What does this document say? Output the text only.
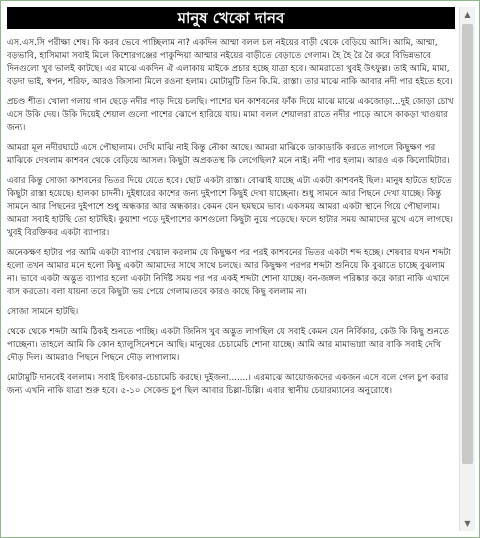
মানুষ খেকো দানব

এস.এস.সি পরীক্ষা শেষ। কি করব ভেবে পাচ্ছিলাম না? একদিন আম্মা বলল চল নইয়ের বাড়ী থেকে বেড়িয়ে আসি। আমি, আম্মা, বড়ভাবি, হাসিমামা সবাই মিলে কিশোরগঞ্জের পাকুন্দিয়া আম্মার নইয়ের বাড়ীতে বেড়াতে গেলাম। হৈ হৈ রৈ রৈ করে বিভিন্নভাবে দিনগুলো খুব ভালই কাটছে। এর মাঝে একদিন ঐ এলাকায় মাইকে প্রচার হচ্ছে যাত্রা হবে। আমরাতো খুবই উৎফুল্ল। তাই আমি, মামা, বড়দা ভাই, স্বপন, শরিফ, আরও জিসানা মিলে রওনা হলাম। মোটামুটি তিন কি.মি. রাস্তা। তার মাঝে নাকি আবার নদী পার হইতে হবে।

প্রচণ্ড শীত। খোলা গলায় গান ছেড়ে নদীর পাড় দিয়ে চলছি। পাশের ঘন কাশবনের ফাঁক দিয়ে মাঝে মাঝে একজোড়া...দুই জোড়া চোখ এসে উকি দেয়। উকি দিয়েই শেয়াল গুলো পাশের ঝোপে হারিয়ে যায়। মামা বলল শেয়ালরা রাতে নদীর পাড়ে আসে কাকড়া খাওয়ার জন্য।

আমরা মূল নদীরঘাটে এসে পৌছালাম। দেখি মাঝি নাই কিন্তু নৌকা আছে। আমরা মাঝিকে ডাকাডাকি করতে লাগলে কিছুক্ষণ পর মাঝিকে দেখলাম কাশবন থেকে বেড়িয়ে আসল। কিছুটা অপ্রকতস্থ কি লেগেছিল? মনে নাই। নদী পার হলাম। আরও এক কিলোমিটার।

এবার কিন্তু সোজা কাশবনের ভিতর দিয়ে যেতে হবে। ছোট একটা রাস্তা। বোঝাই যাচ্ছে এটা একটা কাশবনই ছিল। মানুষ হাটতে হাটতে কিছুটা রাস্তা হয়েছে। হালকা চাদনী। দুইধারের কাশের জন্য দুইপাশে কিছুই দেখা যাচ্ছেনা। শুধু সামনে আর পিছনে দেখা যাচ্ছে। কিন্তু সামনে আর পিছনের দুইপাশে শুধু অন্ধকার আর অন্ধকার। কেমন যেন ছমছমে ভাব। একসময় আমরা একটা স্থানে গিয়ে পৌছালাম। আমরা সবাই হাটছি তো হাটছিই। কুয়াশা পড়ে দুইপাশের কাশগুলো কিছুটা নুয়ে পড়েছে। ফলে হাটার সময় আমাদের মুখে এসে লাগছে। খুবই বিরক্তিকর একটা ব্যাপার।

অনেকক্ষণ হাটার পর আমি একটা ব্যাপার খেয়াল করলাম যে কিছুক্ষণ পর পরই কাশবনের ভিতর একটা শব্দ হচ্ছে। শেষবার যখন শব্দটা হলো তখন আমার মনে হলো কিছু একটা আমাদের সাথে সাথে চলছে। আর কিছুক্ষণ পরপর শব্দটা শুনিয়ে কি বুঝাতে চাচ্ছে বুঝলাম না। ভাবে একটা অদ্ভুত ব্যাপার হলো একটা নির্দিষ্ট সময় পর পর একই শব্দটা শোনা যাচ্ছে। বন-জঙ্গল পরিষ্কার করে কারা নাকি এখানে বাস করতো। বলা যায়না তবে কিছুটা ভয় পেয়ে গেলাম।তবে কারও কাছে কিছু বললাম না।

সোজা সামনে হাটছি।

থেকে থেকে শব্দটা আমি ঠিকই শুনতে পাচ্ছি। একটা জিনিস খুব অদ্ভুত লাগছিল যে সবাই কেমন যেন নির্বিকার, কেউ কি কিছু শুনতে পাচ্ছেনা। তাহলে আমি কি কোন হ্যালুসিনেশনে আছি। মানুষের চেচামেচি শোনা যাচ্ছে। আমি আর মামাভাগ্না আর বাকি সবাই দেখি দৌড় দিল। আমরাও পিছনে পিছনে দৌড় লাগালাম।

মোটামুটি দানবেই বললাম। সবাই চিৎকার-চেচামেচি করছে। দুইজনা.......। এরমাঝে আয়োজকদের একজন এসে বলে গেল চুপ করার জন্য এখনি নাকি যাত্রা শুরু হবে। ৫-১০ সেকেন্ড চুপ ছিল আবার চিল্লা-চিল্লি। এবার স্থানীয় চেয়ারম্যানের অনুরোধে।

▲
▼
